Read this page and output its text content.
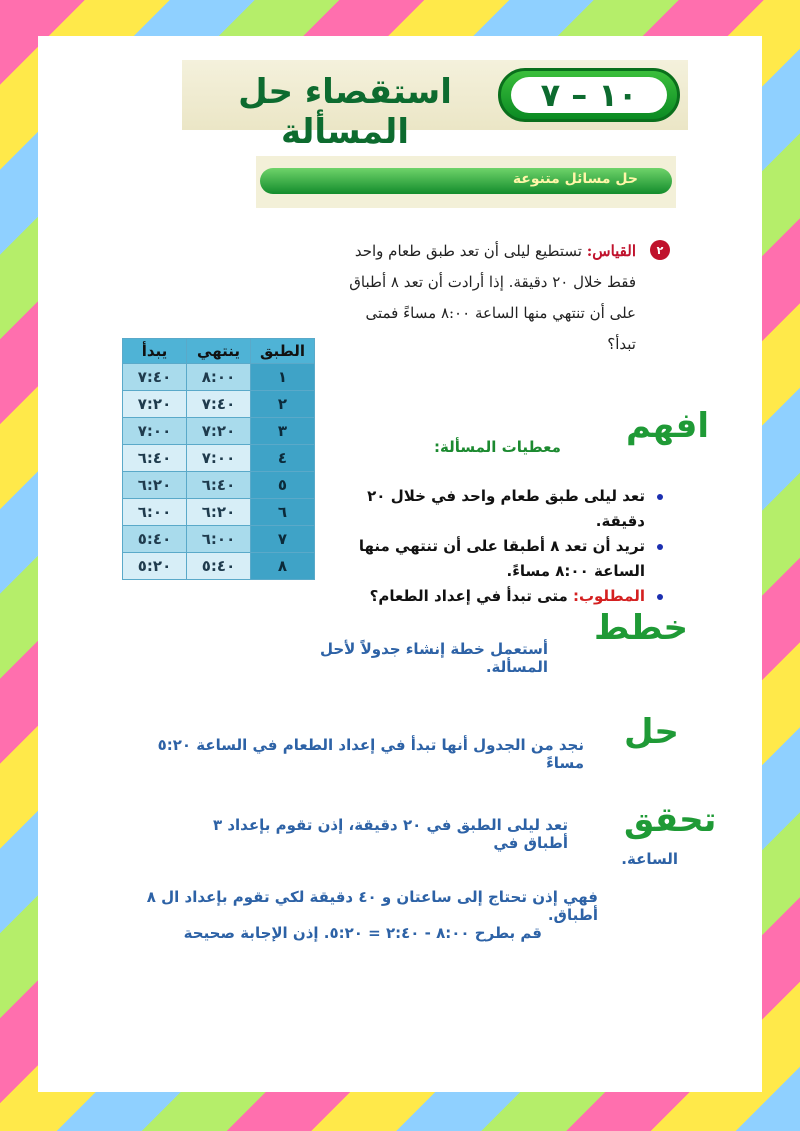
استقصاء حل المسألة
١٠ – ٧
حل مسائل متنوعة
٢
القياس: تستطيع ليلى أن تعد طبق طعام واحد فقط خلال ٢٠ دقيقة. إذا أرادت أن تعد ٨ أطباق على أن تنتهي منها الساعة ٨:٠٠ مساءً فمتى تبدأ؟
يبدأ	ينتهي	الطبق
٧:٤٠	٨:٠٠	١
٧:٢٠	٧:٤٠	٢
٧:٠٠	٧:٢٠	٣
٦:٤٠	٧:٠٠	٤
٦:٢٠	٦:٤٠	٥
٦:٠٠	٦:٢٠	٦
٥:٤٠	٦:٠٠	٧
٥:٢٠	٥:٤٠	٨
افهم
معطيات المسألة:
تعد ليلى طبق طعام واحد في خلال ٢٠ دقيقة.
تريد أن تعد ٨ أطبقا على أن تنتهي منها الساعة ٨:٠٠ مساءً.
المطلوب: متى تبدأ في إعداد الطعام؟
خطط
أستعمل خطة إنشاء جدولاً لأحل المسألة.
حل
نجد من الجدول أنها تبدأ في إعداد الطعام في الساعة ٥:٢٠ مساءً
تحقق
تعد ليلى الطبق في ٢٠ دقيقة، إذن تقوم بإعداد ٣ أطباق في
الساعة.
فهي إذن تحتاج إلى ساعتان و ٤٠ دقيقة لكي تقوم بإعداد ال ٨ أطباق.
قم بطرح ٨:٠٠ - ٢:٤٠ = ٥:٢٠. إذن الإجابة صحيحة
